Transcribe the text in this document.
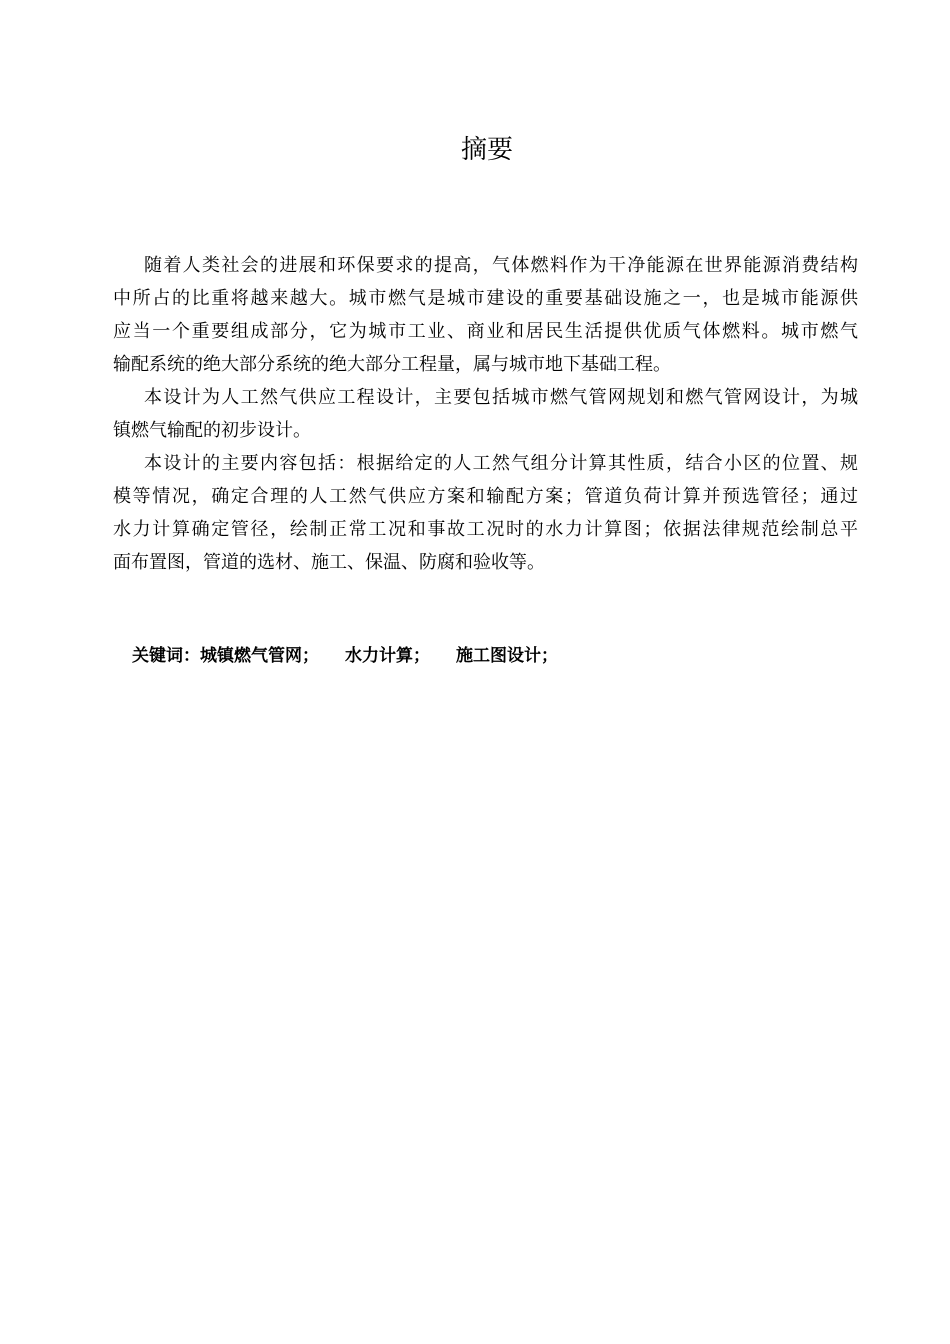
摘要
随着人类社会的进展和环保要求的提高，气体燃料作为干净能源在世界能源消费结构
中所占的比重将越来越大。城市燃气是城市建设的重要基础设施之一，也是城市能源供
应当一个重要组成部分，它为城市工业、商业和居民生活提供优质气体燃料。城市燃气
输配系统的绝大部分系统的绝大部分工程量，属与城市地下基础工程。
本设计为人工然气供应工程设计，主要包括城市燃气管网规划和燃气管网设计，为城
镇燃气输配的初步设计。
本设计的主要内容包括：根据给定的人工然气组分计算其性质，结合小区的位置、规
模等情况，确定合理的人工然气供应方案和输配方案；管道负荷计算并预选管径；通过
水力计算确定管径，绘制正常工况和事故工况时的水力计算图；依据法律规范绘制总平
面布置图，管道的选材、施工、保温、防腐和验收等。
关键词：城镇燃气管网； 水力计算； 施工图设计；
